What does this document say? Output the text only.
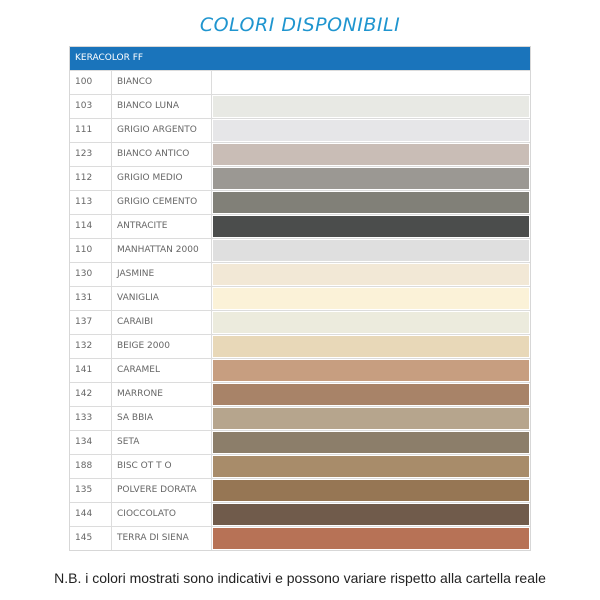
COLORI DISPONIBILI
KERACOLOR FF
100	BIANCO
103	BIANCO LUNA
111	GRIGIO ARGENTO
123	BIANCO ANTICO
112	GRIGIO MEDIO
113	GRIGIO CEMENTO
114	ANTRACITE
110	MANHATTAN 2000
130	JASMINE
131	VANIGLIA
137	CARAIBI
132	BEIGE 2000
141	CARAMEL
142	MARRONE
133	SA BBIA
134	SETA
188	BISC OT T O
135	POLVERE DORATA
144	CIOCCOLATO
145	TERRA DI SIENA
N.B. i colori mostrati sono indicativi e possono variare rispetto alla cartella reale
